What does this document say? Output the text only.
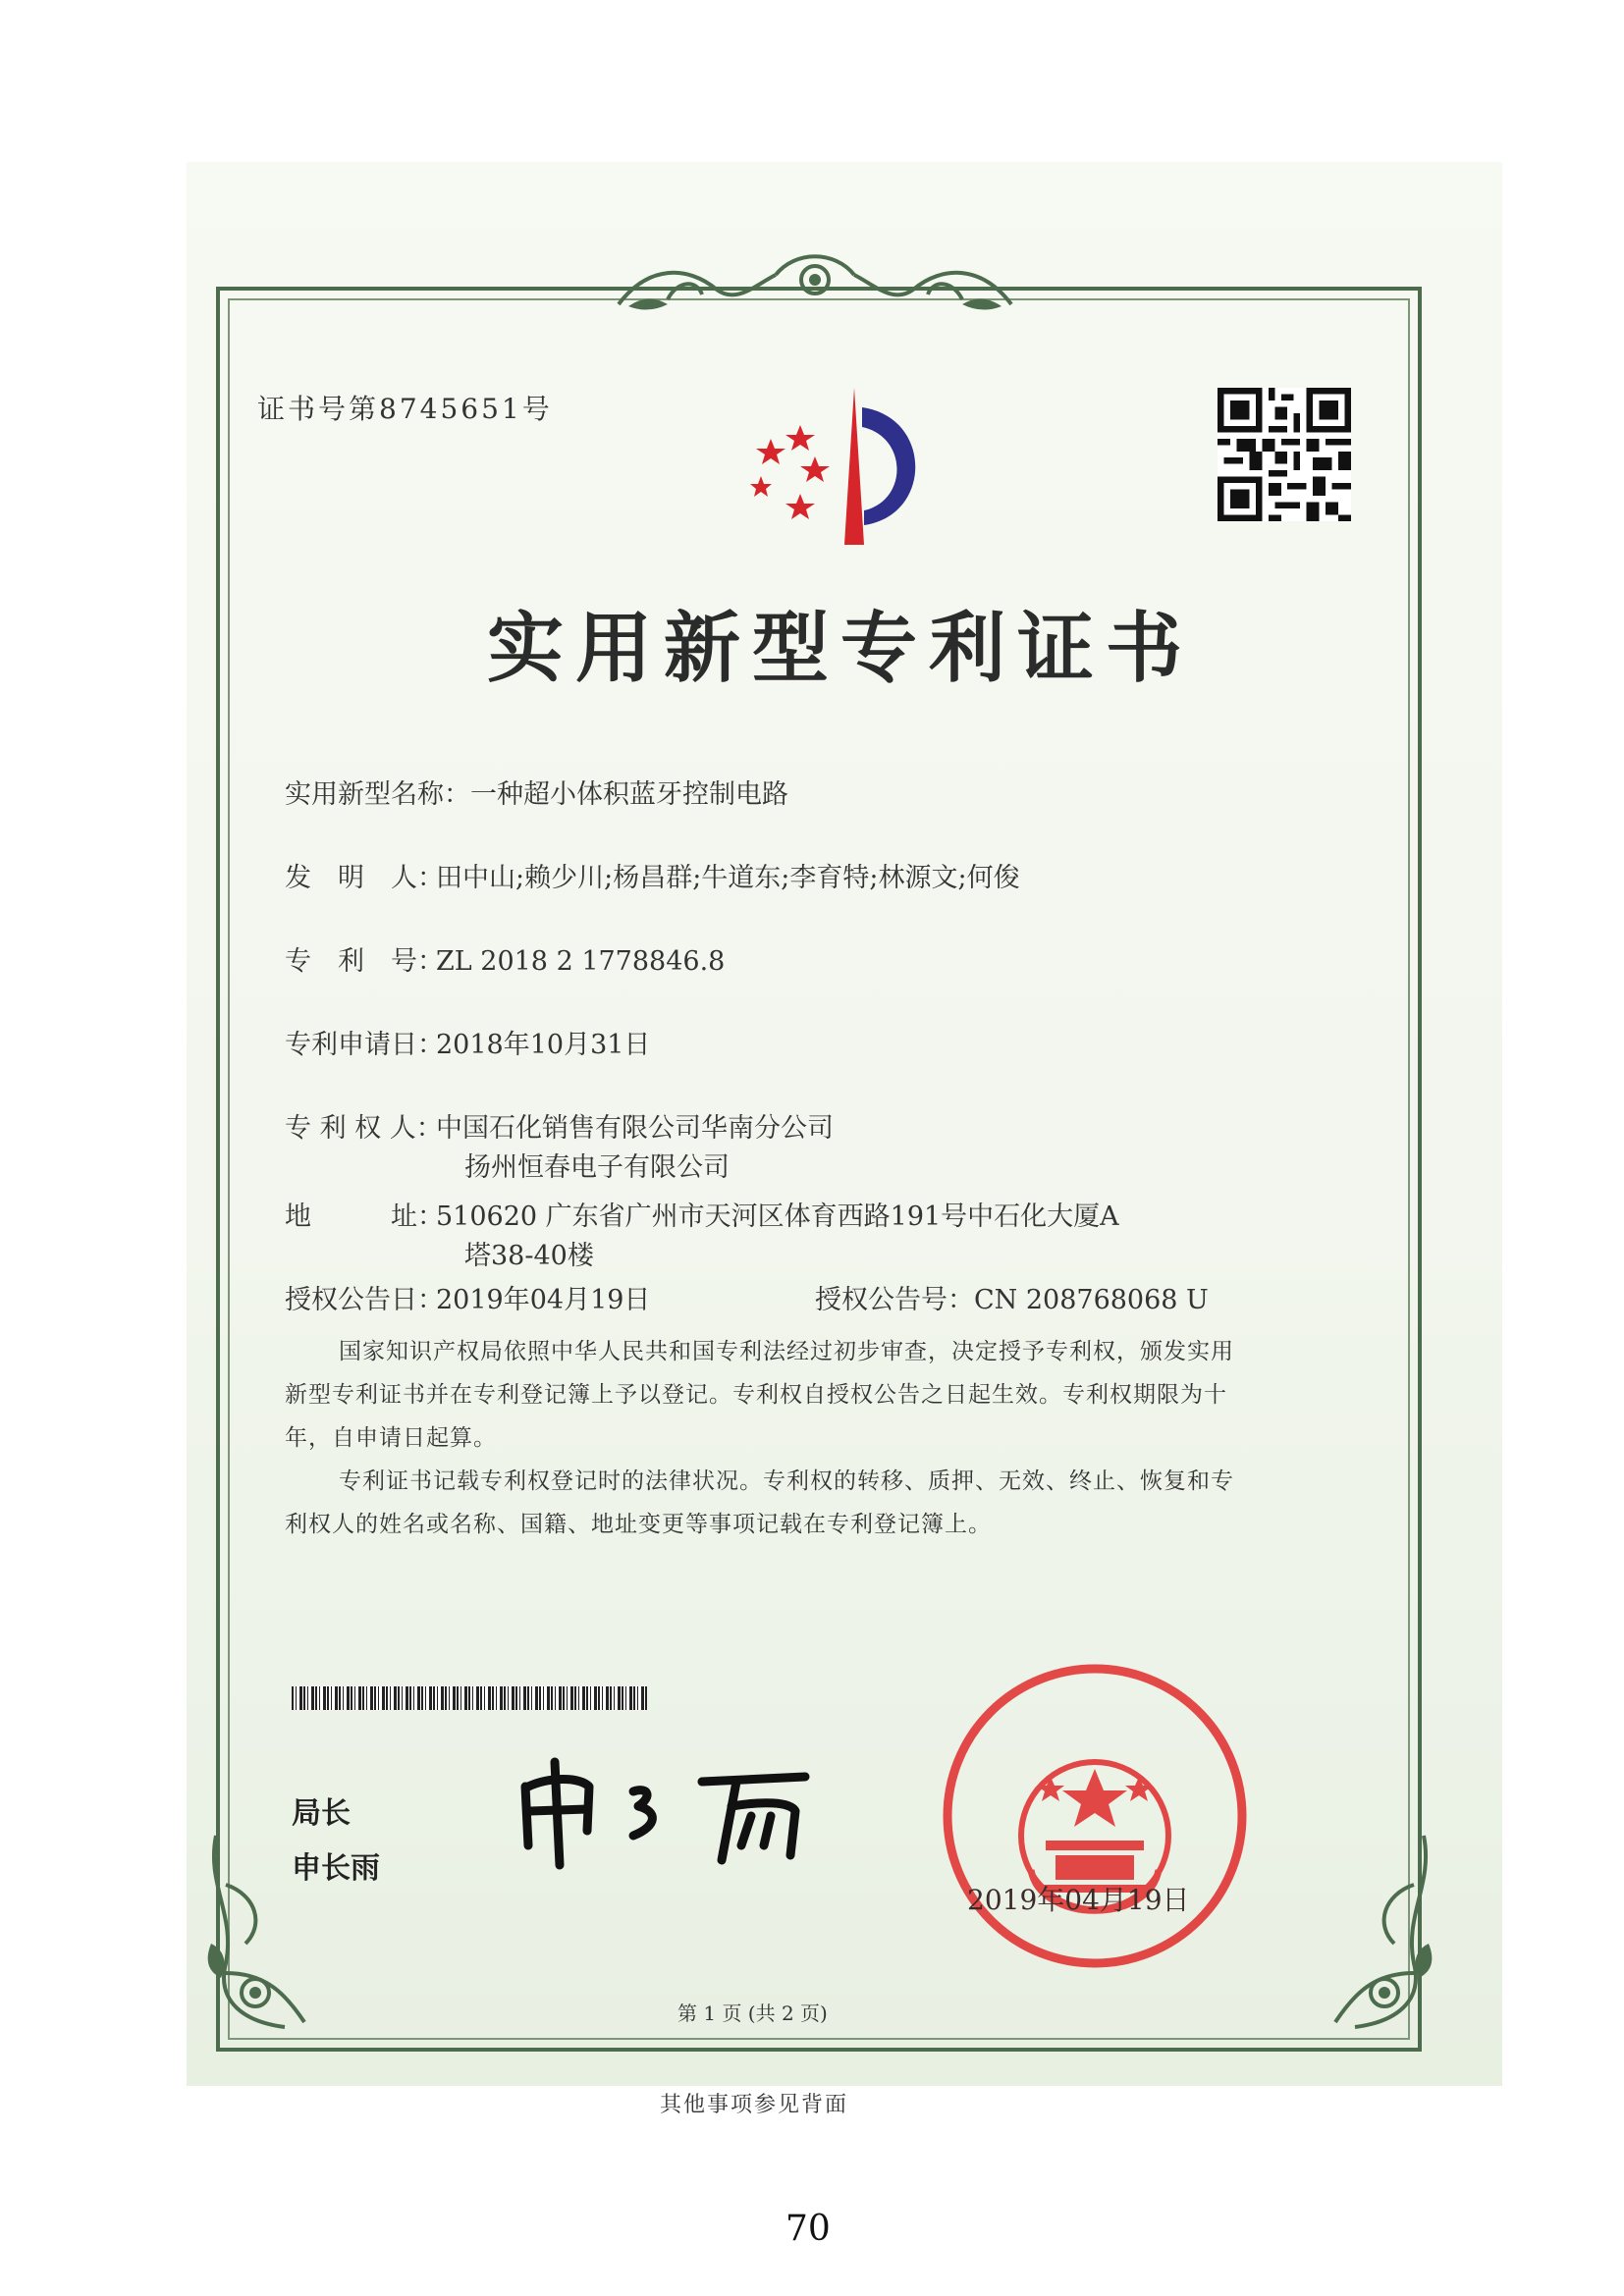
证书号第8745651号
实用新型专利证书
实用新型名称：一种超小体积蓝牙控制电路
发　明　人：田中山;赖少川;杨昌群;牛道东;李育特;林源文;何俊
专　利　号：ZL 2018 2 1778846.8
专利申请日：2018年10月31日
专 利 权 人：中国石化销售有限公司华南分公司
扬州恒春电子有限公司
地　　　址：510620 广东省广州市天河区体育西路191号中石化大厦A
塔38-40楼
授权公告日：2019年04月19日	授权公告号：CN 208768068 U
国家知识产权局依照中华人民共和国专利法经过初步审查，决定授予专利权，颁发实用
新型专利证书并在专利登记簿上予以登记。专利权自授权公告之日起生效。专利权期限为十
年，自申请日起算。
专利证书记载专利权登记时的法律状况。专利权的转移、质押、无效、终止、恢复和专
利权人的姓名或名称、国籍、地址变更等事项记载在专利登记簿上。
局长
申长雨
2019年04月19日
第 1 页 (共 2 页)
其他事项参见背面
70
